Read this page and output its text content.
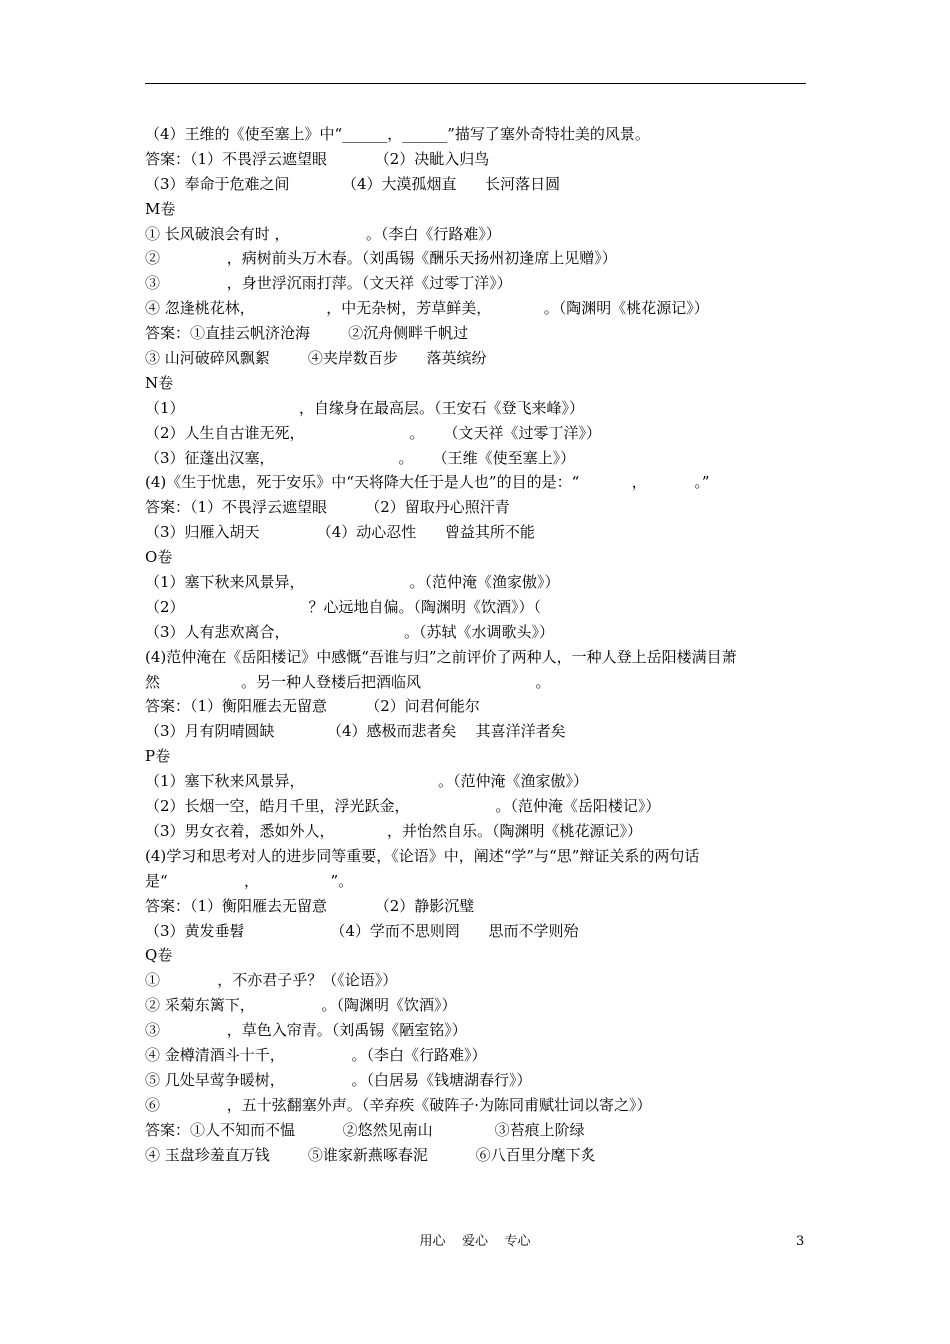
（4）王维的《使至塞上》中“______，______”描写了塞外奇特壮美的风景。
答案：（1）不畏浮云遮望眼          （2）决眦入归鸟
（3）奉命于危难之间           （4）大漠孤烟直      长河落日圆
M卷
① 长风破浪会有时 ，                。（李白《行路难》）
②              ，病树前头万木春。（刘禹锡《酬乐天扬州初逢席上见赠》）
③              ，身世浮沉雨打萍。（文天祥《过零丁洋》）
④ 忽逢桃花林，               ，中无杂树，芳草鲜美，           。（陶渊明《桃花源记》）
答案：①直挂云帆济沧海        ②沉舟侧畔千帆过
③ 山河破碎风飘絮        ④夹岸数百步      落英缤纷
N卷
（1）                        ，自缘身在最高层。（王安石《登飞来峰》）
（2）人生自古谁无死，                      。    （文天祥《过零丁洋》）
（3）征蓬出汉塞，                          。    （王维《使至塞上》）
(4)《生于忧患，死于安乐》中“天将降大任于是人也”的目的是：“           ，          。”
答案：（1）不畏浮云遮望眼        （2）留取丹心照汗青
（3）归雁入胡天            （4）动心忍性      曾益其所不能
O卷
（1）塞下秋来风景异，                      。（范仲淹《渔家傲》）
（2）                          ？心远地自偏。（陶渊明《饮酒》）（
（3）人有悲欢离合，                        。（苏轼《水调歌头》）
(4)范仲淹在《岳阳楼记》中感慨“吾谁与归”之前评价了两种人，一种人登上岳阳楼满目萧
然                 。另一种人登楼后把酒临风                        。
答案：（1）衡阳雁去无留意        （2）问君何能尔
（3）月有阴晴圆缺           （4）感极而悲者矣    其喜洋洋者矣
P卷
（1）塞下秋来风景异，                            。（范仲淹《渔家傲》）
（2）长烟一空，皓月千里，浮光跃金，                  。（范仲淹《岳阳楼记》）
（3）男女衣着，悉如外人，           ，并怡然自乐。（陶渊明《桃花源记》）
(4)学习和思考对人的进步同等重要，《论语》中，阐述“学”与“思”辩证关系的两句话
是“                ，               ”。
答案：（1）衡阳雁去无留意          （2）静影沉璧
（3）黄发垂髫                  （4）学而不思则罔      思而不学则殆
Q卷
①            ，不亦君子乎？（《论语》）
② 采菊东篱下，              。（陶渊明《饮酒》）
③              ，草色入帘青。（刘禹锡《陋室铭》）
④ 金樽清酒斗十千，              。（李白《行路难》）
⑤ 几处早莺争暖树，              。（白居易《钱塘湖春行》）
⑥              ，五十弦翻塞外声。（辛弃疾《破阵子·为陈同甫赋壮词以寄之》）
答案：①人不知而不愠          ②悠然见南山             ③苔痕上阶绿
④ 玉盘珍羞直万钱        ⑤谁家新燕啄春泥          ⑥八百里分麾下炙
用心    爱心    专心	3
